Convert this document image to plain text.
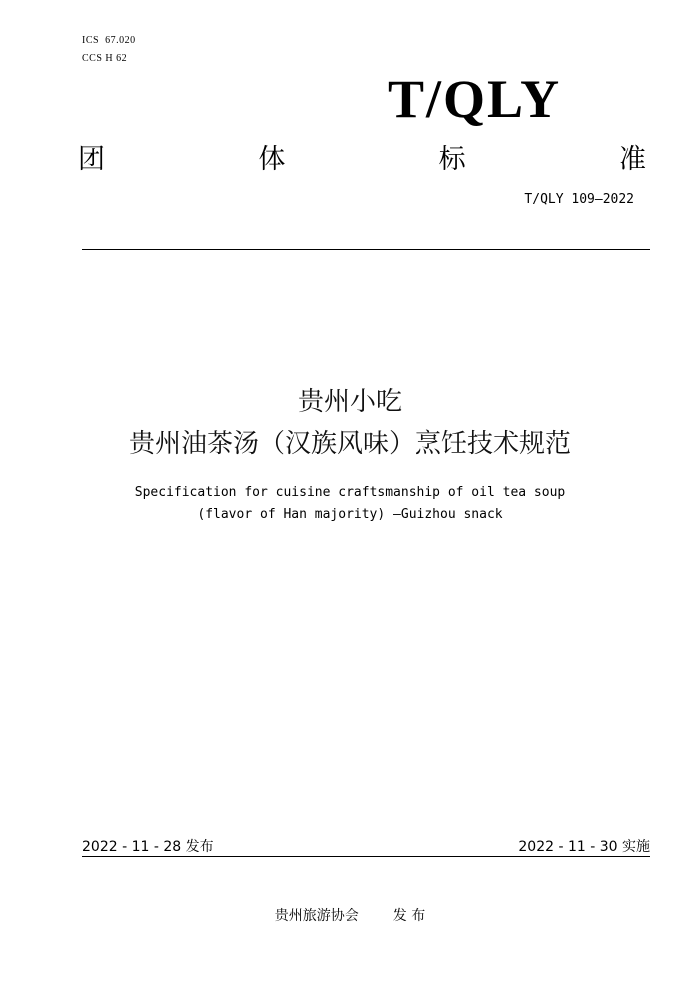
ICS 67.020
CCS H 62
T/QLY
团	体	标	准
T/QLY 109—2022
贵州小吃
贵州油茶汤（汉族风味）烹饪技术规范
Specification for cuisine craftsmanship of oil tea soup
(flavor of Han majority) —Guizhou snack
2022 - 11 - 28 发布	2022 - 11 - 30 实施
贵州旅游协会 发 布
